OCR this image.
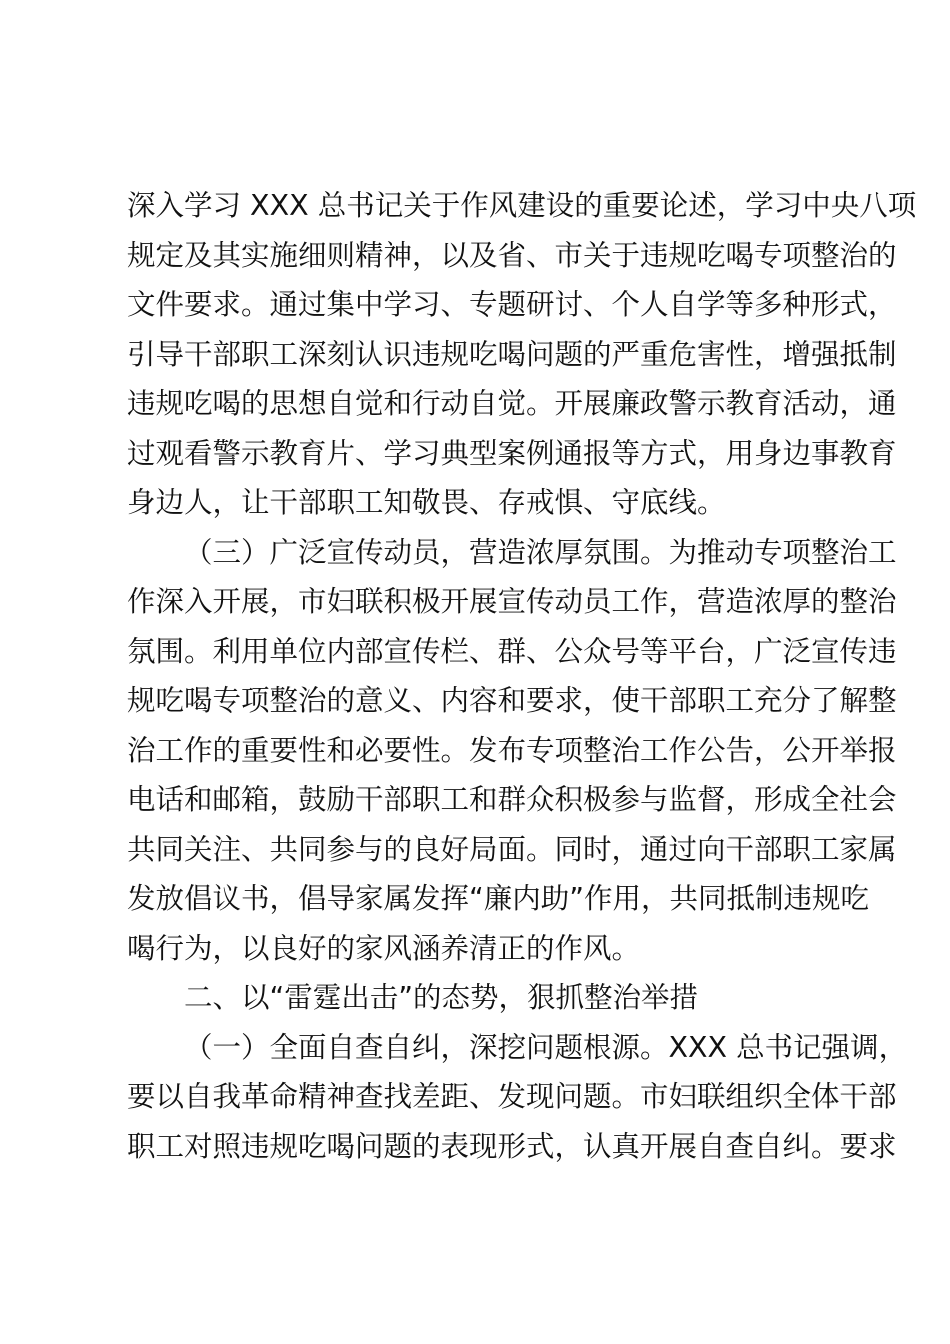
深入学习 XXX 总书记关于作风建设的重要论述，学习中央八项
规定及其实施细则精神，以及省、市关于违规吃喝专项整治的
文件要求。通过集中学习、专题研讨、个人自学等多种形式，
引导干部职工深刻认识违规吃喝问题的严重危害性，增强抵制
违规吃喝的思想自觉和行动自觉。开展廉政警示教育活动，通
过观看警示教育片、学习典型案例通报等方式，用身边事教育
身边人，让干部职工知敬畏、存戒惧、守底线。
（三）广泛宣传动员，营造浓厚氛围。为推动专项整治工
作深入开展，市妇联积极开展宣传动员工作，营造浓厚的整治
氛围。利用单位内部宣传栏、群、公众号等平台，广泛宣传违
规吃喝专项整治的意义、内容和要求，使干部职工充分了解整
治工作的重要性和必要性。发布专项整治工作公告，公开举报
电话和邮箱，鼓励干部职工和群众积极参与监督，形成全社会
共同关注、共同参与的良好局面。同时，通过向干部职工家属
发放倡议书，倡导家属发挥“廉内助”作用，共同抵制违规吃
喝行为，以良好的家风涵养清正的作风。
二、以“雷霆出击”的态势，狠抓整治举措
（一）全面自查自纠，深挖问题根源。XXX 总书记强调，
要以自我革命精神查找差距、发现问题。市妇联组织全体干部
职工对照违规吃喝问题的表现形式，认真开展自查自纠。要求
